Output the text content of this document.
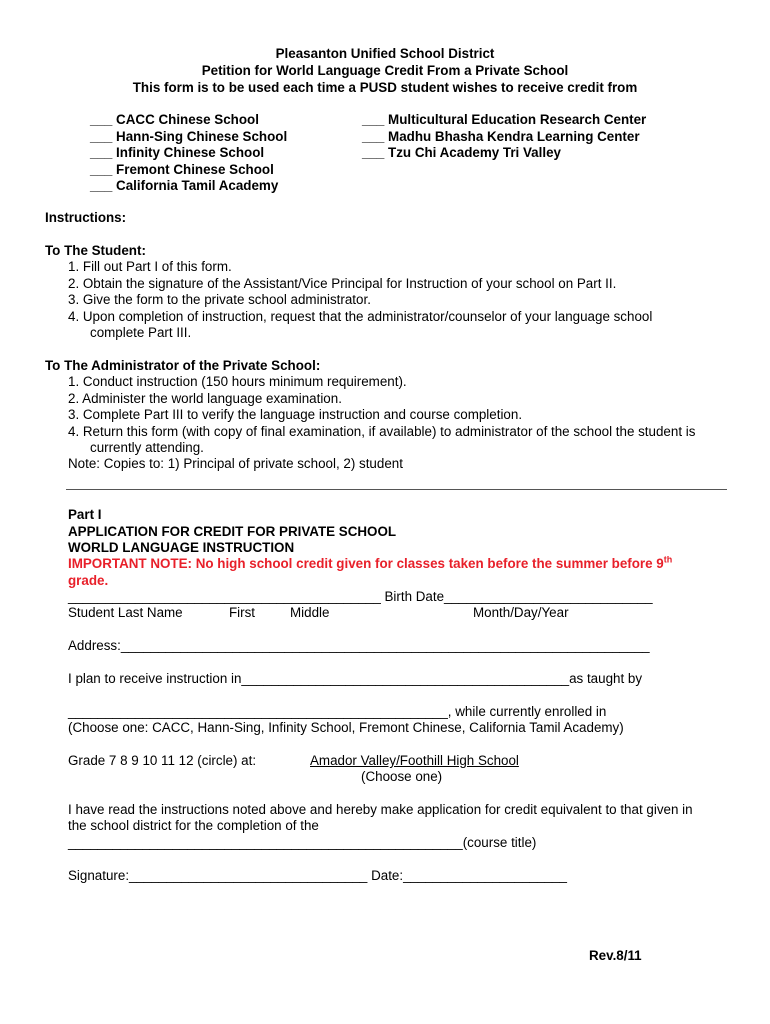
Pleasanton Unified School District
Petition for World Language Credit From a Private School
This form is to be used each time a PUSD student wishes to receive credit from
___ CACC Chinese School
___ Hann-Sing Chinese School
___ Infinity Chinese School
___ Fremont Chinese School
___ California Tamil Academy
___ Multicultural Education Research Center
___ Madhu Bhasha Kendra Learning Center
___ Tzu Chi Academy Tri Valley
Instructions:
To The Student:
1. Fill out Part I of this form.
2. Obtain the signature of the Assistant/Vice Principal for Instruction of your school on Part II.
3. Give the form to the private school administrator.
4. Upon completion of instruction, request that the administrator/counselor of your language school
complete Part III.
To The Administrator of the Private School:
1. Conduct instruction (150 hours minimum requirement).
2. Administer the world language examination.
3. Complete Part III to verify the language instruction and course completion.
4. Return this form (with copy of final examination, if available) to administrator of the school the student is
currently attending.
Note: Copies to: 1) Principal of private school, 2) student
Part I
APPLICATION FOR CREDIT FOR PRIVATE SCHOOL
WORLD LANGUAGE INSTRUCTION
IMPORTANT NOTE: No high school credit given for classes taken before the summer before 9th
grade.
__________________________________________ Birth Date____________________________
Student Last Name	First	Middle	Month/Day/Year
Address:_______________________________________________________________________
I plan to receive instruction in____________________________________________as taught by
___________________________________________________, while currently enrolled in
(Choose one: CACC, Hann-Sing, Infinity School, Fremont Chinese, California Tamil Academy)
Grade 7 8 9 10 11 12 (circle) at:	Amador Valley/Foothill High School
(Choose one)
I have read the instructions noted above and hereby make application for credit equivalent to that given in
the school district for the completion of the
_____________________________________________________(course title)
Signature:________________________________ Date:______________________
Rev.8/11
